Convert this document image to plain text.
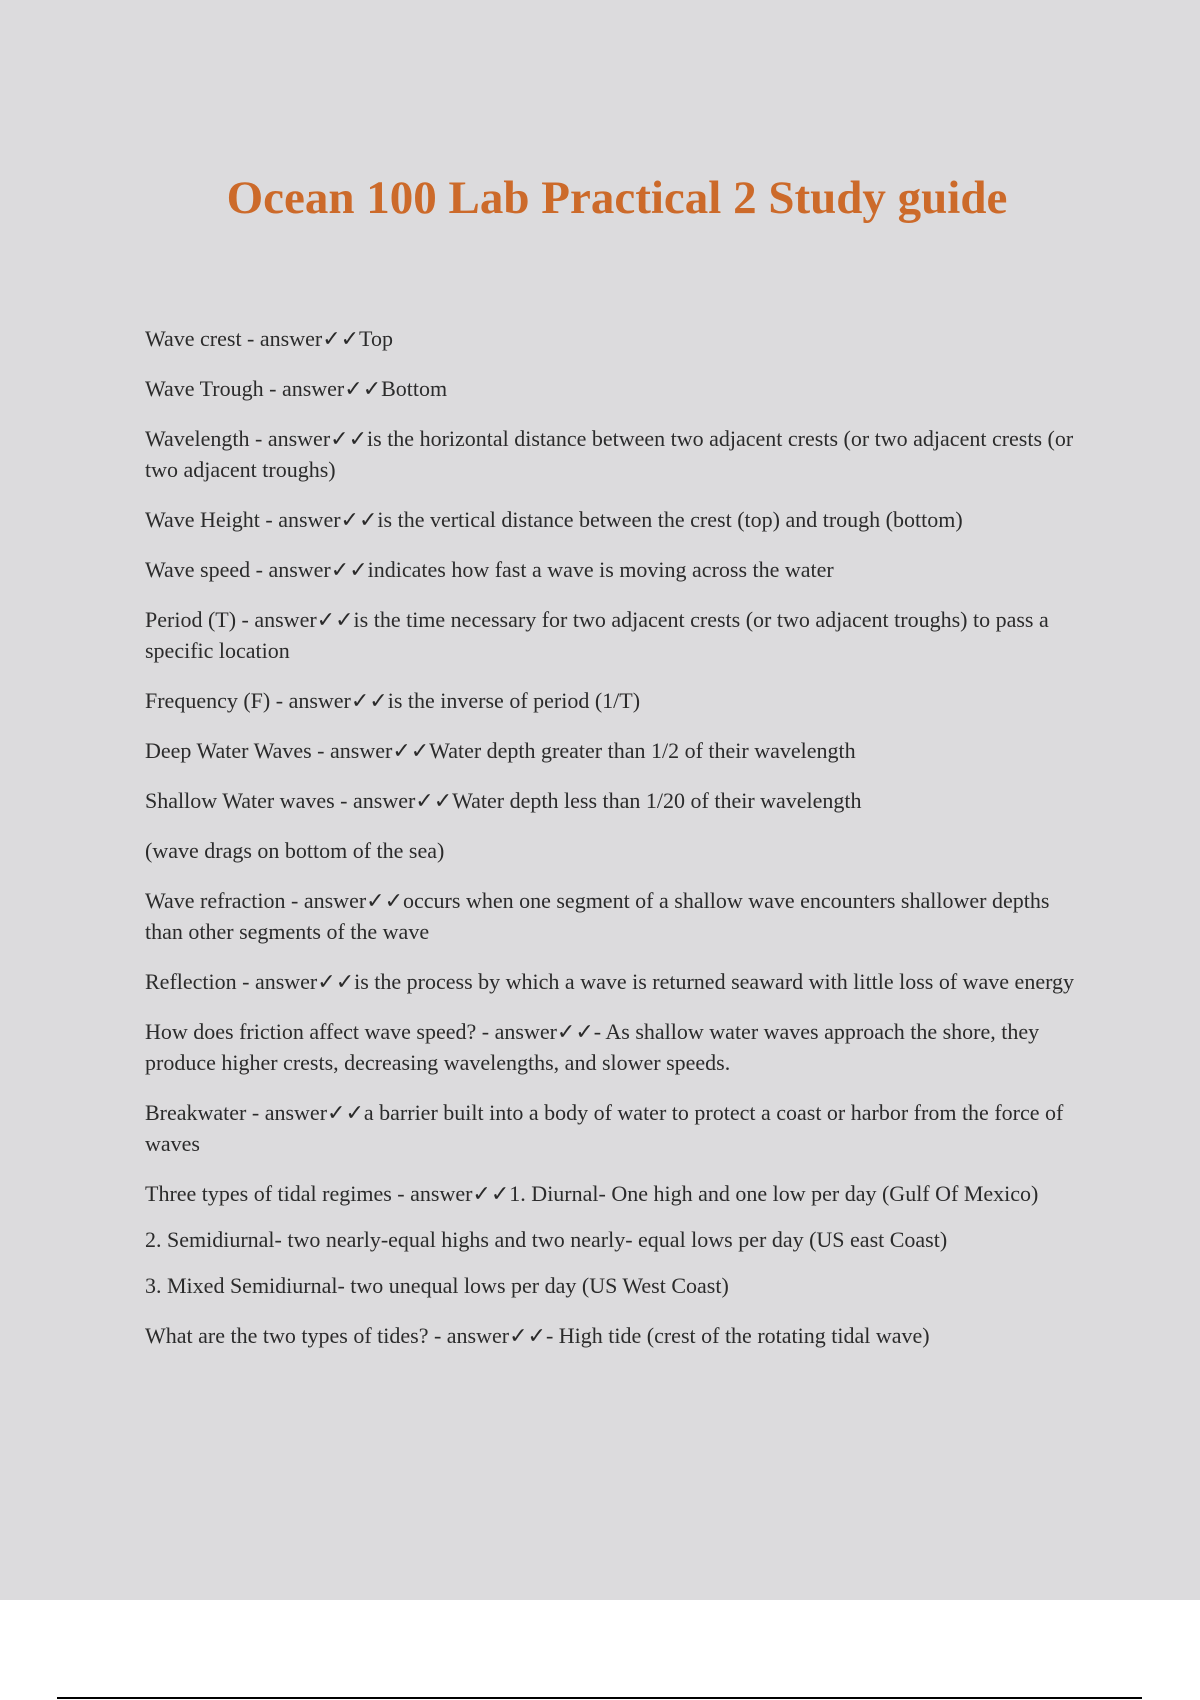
Ocean 100 Lab Practical 2 Study guide
Wave crest - answer✓✓Top
Wave Trough - answer✓✓Bottom
Wavelength - answer✓✓is the horizontal distance between two adjacent crests (or two adjacent crests (or two adjacent troughs)
Wave Height - answer✓✓is the vertical distance between the crest (top) and trough (bottom)
Wave speed - answer✓✓indicates how fast a wave is moving across the water
Period (T) - answer✓✓is the time necessary for two adjacent crests (or two adjacent troughs) to pass a specific location
Frequency (F) - answer✓✓is the inverse of period (1/T)
Deep Water Waves - answer✓✓Water depth greater than 1/2 of their wavelength
Shallow Water waves - answer✓✓Water depth less than 1/20 of their wavelength
(wave drags on bottom of the sea)
Wave refraction - answer✓✓occurs when one segment of a shallow wave encounters shallower depths than other segments of the wave
Reflection - answer✓✓is the process by which a wave is returned seaward with little loss of wave energy
How does friction affect wave speed? - answer✓✓- As shallow water waves approach the shore, they produce higher crests, decreasing wavelengths, and slower speeds.
Breakwater - answer✓✓a barrier built into a body of water to protect a coast or harbor from the force of waves
Three types of tidal regimes - answer✓✓1. Diurnal- One high and one low per day (Gulf Of Mexico)
2. Semidiurnal- two nearly-equal highs and two nearly- equal lows per day (US east Coast)
3. Mixed Semidiurnal- two unequal lows per day (US West Coast)
What are the two types of tides? - answer✓✓- High tide (crest of the rotating tidal wave)
